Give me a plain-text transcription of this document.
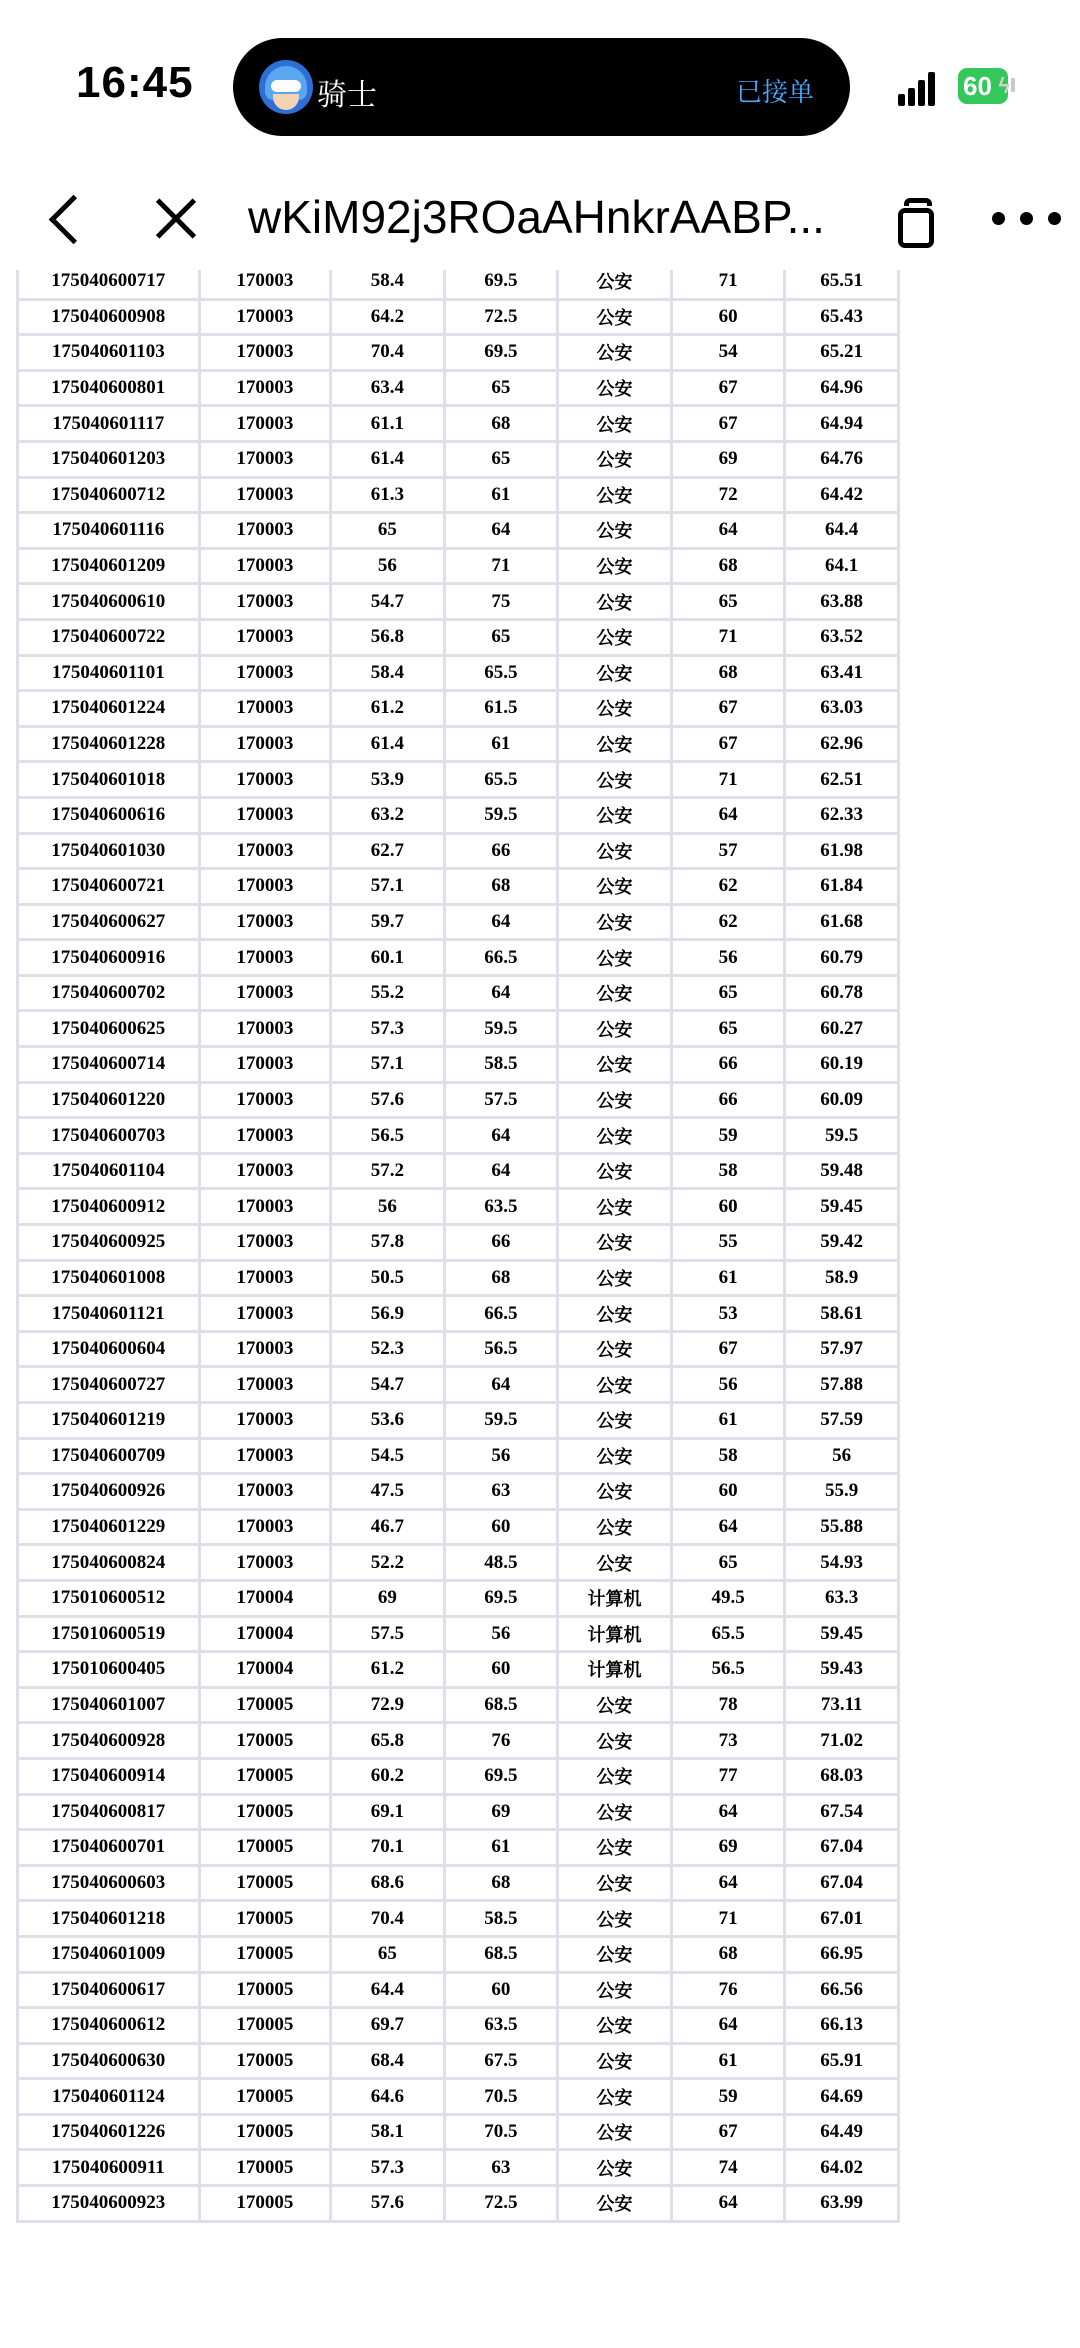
16:45	骑士	已接单	60 ϟ
wKiM92j3ROaAHnkrAABP...
175040600717	170003	58.4	69.5	公安	71	65.51
175040600908	170003	64.2	72.5	公安	60	65.43
175040601103	170003	70.4	69.5	公安	54	65.21
175040600801	170003	63.4	65	公安	67	64.96
175040601117	170003	61.1	68	公安	67	64.94
175040601203	170003	61.4	65	公安	69	64.76
175040600712	170003	61.3	61	公安	72	64.42
175040601116	170003	65	64	公安	64	64.4
175040601209	170003	56	71	公安	68	64.1
175040600610	170003	54.7	75	公安	65	63.88
175040600722	170003	56.8	65	公安	71	63.52
175040601101	170003	58.4	65.5	公安	68	63.41
175040601224	170003	61.2	61.5	公安	67	63.03
175040601228	170003	61.4	61	公安	67	62.96
175040601018	170003	53.9	65.5	公安	71	62.51
175040600616	170003	63.2	59.5	公安	64	62.33
175040601030	170003	62.7	66	公安	57	61.98
175040600721	170003	57.1	68	公安	62	61.84
175040600627	170003	59.7	64	公安	62	61.68
175040600916	170003	60.1	66.5	公安	56	60.79
175040600702	170003	55.2	64	公安	65	60.78
175040600625	170003	57.3	59.5	公安	65	60.27
175040600714	170003	57.1	58.5	公安	66	60.19
175040601220	170003	57.6	57.5	公安	66	60.09
175040600703	170003	56.5	64	公安	59	59.5
175040601104	170003	57.2	64	公安	58	59.48
175040600912	170003	56	63.5	公安	60	59.45
175040600925	170003	57.8	66	公安	55	59.42
175040601008	170003	50.5	68	公安	61	58.9
175040601121	170003	56.9	66.5	公安	53	58.61
175040600604	170003	52.3	56.5	公安	67	57.97
175040600727	170003	54.7	64	公安	56	57.88
175040601219	170003	53.6	59.5	公安	61	57.59
175040600709	170003	54.5	56	公安	58	56
175040600926	170003	47.5	63	公安	60	55.9
175040601229	170003	46.7	60	公安	64	55.88
175040600824	170003	52.2	48.5	公安	65	54.93
175010600512	170004	69	69.5	计算机	49.5	63.3
175010600519	170004	57.5	56	计算机	65.5	59.45
175010600405	170004	61.2	60	计算机	56.5	59.43
175040601007	170005	72.9	68.5	公安	78	73.11
175040600928	170005	65.8	76	公安	73	71.02
175040600914	170005	60.2	69.5	公安	77	68.03
175040600817	170005	69.1	69	公安	64	67.54
175040600701	170005	70.1	61	公安	69	67.04
175040600603	170005	68.6	68	公安	64	67.04
175040601218	170005	70.4	58.5	公安	71	67.01
175040601009	170005	65	68.5	公安	68	66.95
175040600617	170005	64.4	60	公安	76	66.56
175040600612	170005	69.7	63.5	公安	64	66.13
175040600630	170005	68.4	67.5	公安	61	65.91
175040601124	170005	64.6	70.5	公安	59	64.69
175040601226	170005	58.1	70.5	公安	67	64.49
175040600911	170005	57.3	63	公安	74	64.02
175040600923	170005	57.6	72.5	公安	64	63.99
